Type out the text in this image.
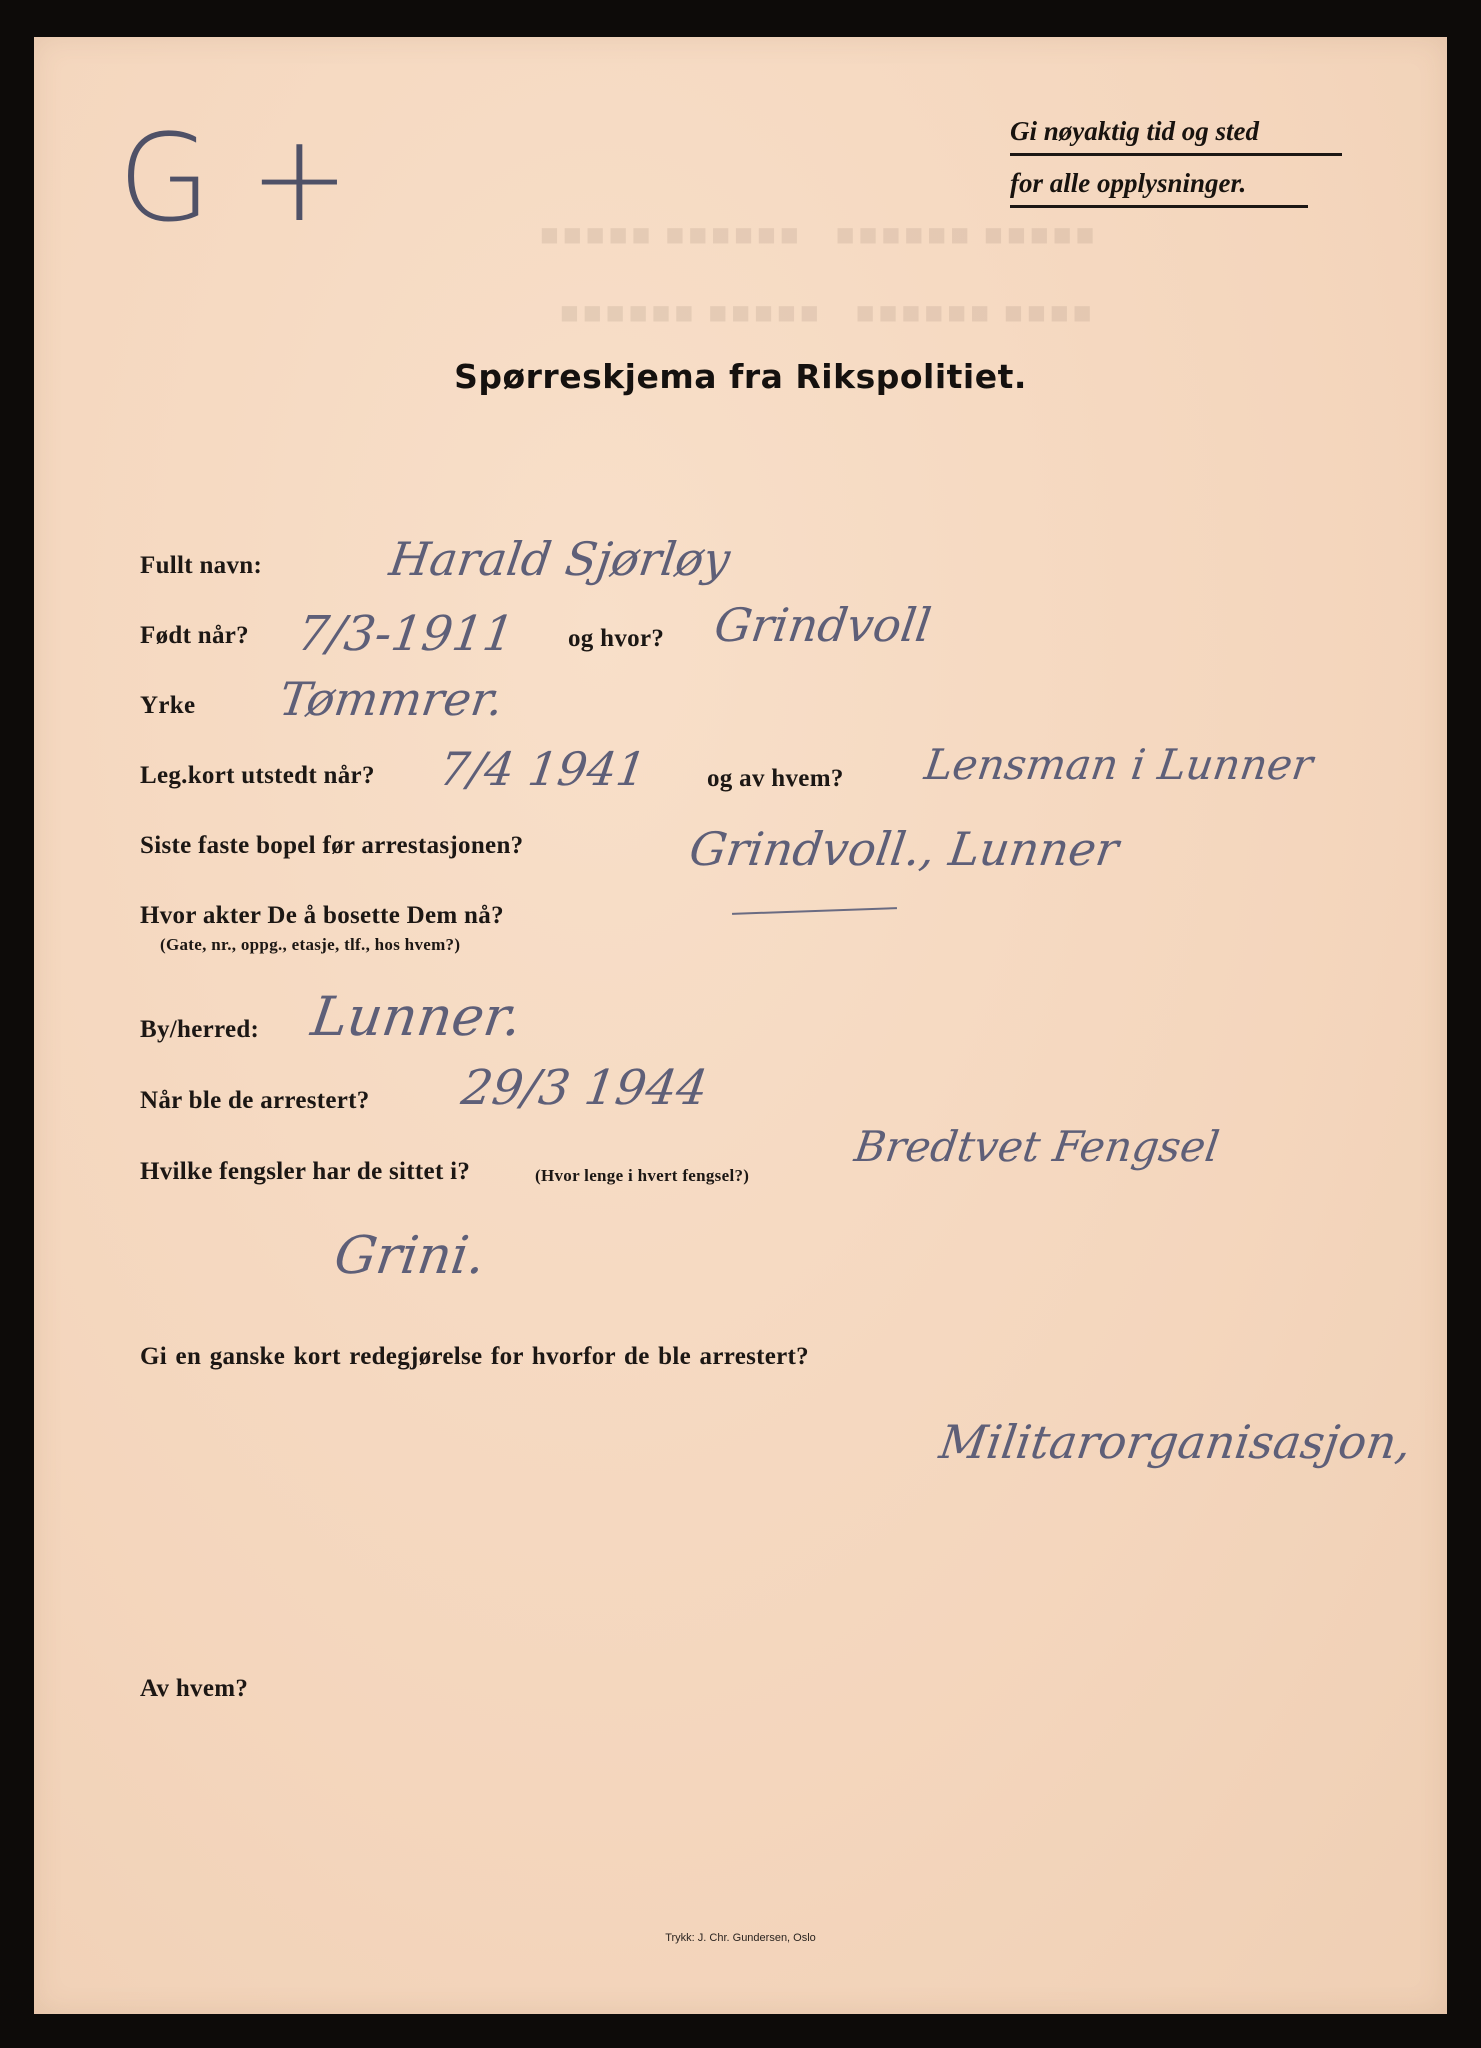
■■■■■ ■■■■■■   ■■■■■■ ■■■■■
■■■■■■ ■■■■■   ■■■■■■ ■■■■
G +	Gi nøyaktig tid og sted
for alle opplysninger.
Spørreskjema fra Rikspolitiet.
Fullt navn:	Harald Sjørløy
Født når? 7/3-1911 og hvor? Grindvoll
Yrke Tømmrer.
Leg.kort utstedt når? 7/4 1941 og av hvem? Lensman i Lunner
Siste faste bopel før arrestasjonen?	Grindvoll., Lunner
Hvor akter De å bosette Dem nå?
(Gate, nr., oppg., etasje, tlf., hos hvem?)
By/herred: Lunner.
Når ble de arrestert? 29/3 1944
Hvilke fengsler har de sittet i?	(Hvor lenge i hvert fengsel?)
Bredtvet Fengsel
Grini.
Gi en ganske kort redegjørelse for hvorfor de ble arrestert?
Militarorganisasjon,
Av hvem?
Trykk: J. Chr. Gundersen, Oslo
